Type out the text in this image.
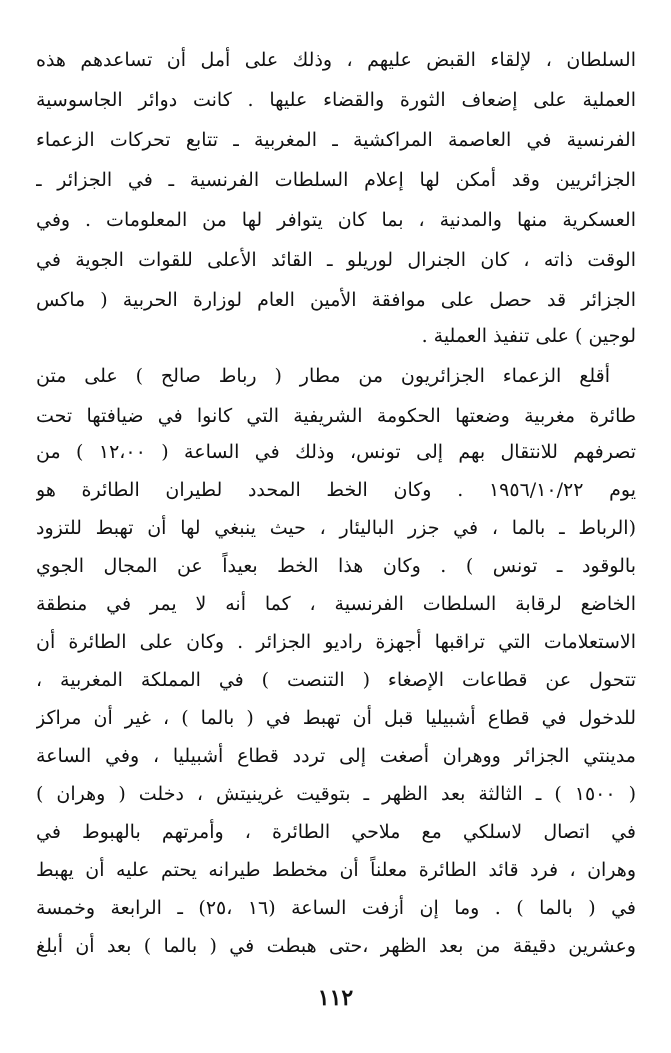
السلطان ، لإلقاء القبض عليهم ، وذلك على أمل أن تساعدهم هذه
العملية على إضعاف الثورة والقضاء عليها . كانت دوائر الجاسوسية
الفرنسية في العاصمة المراكشية ـ المغربية ـ تتابع تحركات الزعماء
الجزائريين وقد أمكن لها إعلام السلطات الفرنسية ـ في الجزائر ـ
العسكرية منها والمدنية ، بما كان يتوافر لها من المعلومات . وفي
الوقت ذاته ، كان الجنرال لوريلو ـ القائد الأعلى للقوات الجوية في
الجزائر قد حصل على موافقة الأمين العام لوزارة الحربية ( ماكس
لوجين ) على تنفيذ العملية .
أقلع الزعماء الجزائريون من مطار ( رباط صالح ) على متن
طائرة مغربية وضعتها الحكومة الشريفية التي كانوا في ضيافتها تحت
تصرفهم للانتقال بهم إلى تونس، وذلك في الساعة ( ١٢،٠٠ ) من
يوم ١٩٥٦/١٠/٢٢ . وكان الخط المحدد لطيران الطائرة هو
(الرباط ـ بالما ، في جزر الباليئار ، حيث ينبغي لها أن تهبط للتزود
بالوقود ـ تونس ) . وكان هذا الخط بعيداً عن المجال الجوي
الخاضع لرقابة السلطات الفرنسية ، كما أنه لا يمر في منطقة
الاستعلامات التي تراقبها أجهزة راديو الجزائر . وكان على الطائرة أن
تتحول عن قطاعات الإصغاء ( التنصت ) في المملكة المغربية ،
للدخول في قطاع أشبيليا قبل أن تهبط في ( بالما ) ، غير أن مراكز
مدينتي الجزائر ووهران أصغت إلى تردد قطاع أشبيليا ، وفي الساعة
( ١٥٠٠ ) ـ الثالثة بعد الظهر ـ بتوقيت غرينيتش ، دخلت ( وهران )
في اتصال لاسلكي مع ملاحي الطائرة ، وأمرتهم بالهبوط في
وهران ، فرد قائد الطائرة معلناً أن مخطط طيرانه يحتم عليه أن يهبط
في ( بالما ) . وما إن أزفت الساعة (١٦ ،٢٥) ـ الرابعة وخمسة
وعشرين دقيقة من بعد الظهر ،حتى هبطت في ( بالما ) بعد أن أبلغ
١١٢
